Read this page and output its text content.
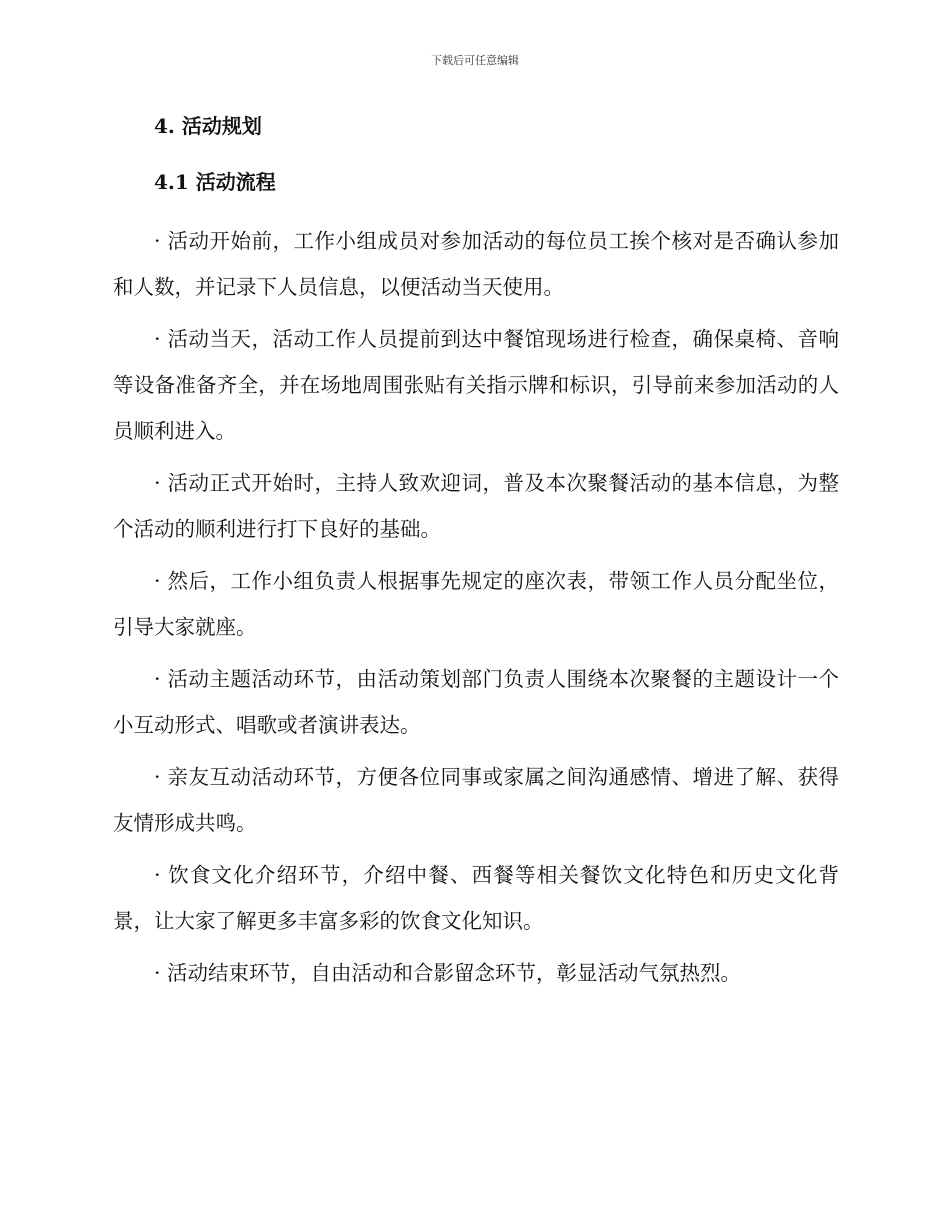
下载后可任意编辑
4. 活动规划
4.1 活动流程

· 活动开始前，工作小组成员对参加活动的每位员工挨个核对是否确认参加和人数，并记录下人员信息，以便活动当天使用。

· 活动当天，活动工作人员提前到达中餐馆现场进行检查，确保桌椅、音响等设备准备齐全，并在场地周围张贴有关指示牌和标识，引导前来参加活动的人员顺利进入。

· 活动正式开始时，主持人致欢迎词，普及本次聚餐活动的基本信息，为整个活动的顺利进行打下良好的基础。

· 然后，工作小组负责人根据事先规定的座次表，带领工作人员分配坐位，引导大家就座。

· 活动主题活动环节，由活动策划部门负责人围绕本次聚餐的主题设计一个小互动形式、唱歌或者演讲表达。

· 亲友互动活动环节，方便各位同事或家属之间沟通感情、增进了解、获得友情形成共鸣。

· 饮食文化介绍环节，介绍中餐、西餐等相关餐饮文化特色和历史文化背景，让大家了解更多丰富多彩的饮食文化知识。

· 活动结束环节，自由活动和合影留念环节，彰显活动气氛热烈。
